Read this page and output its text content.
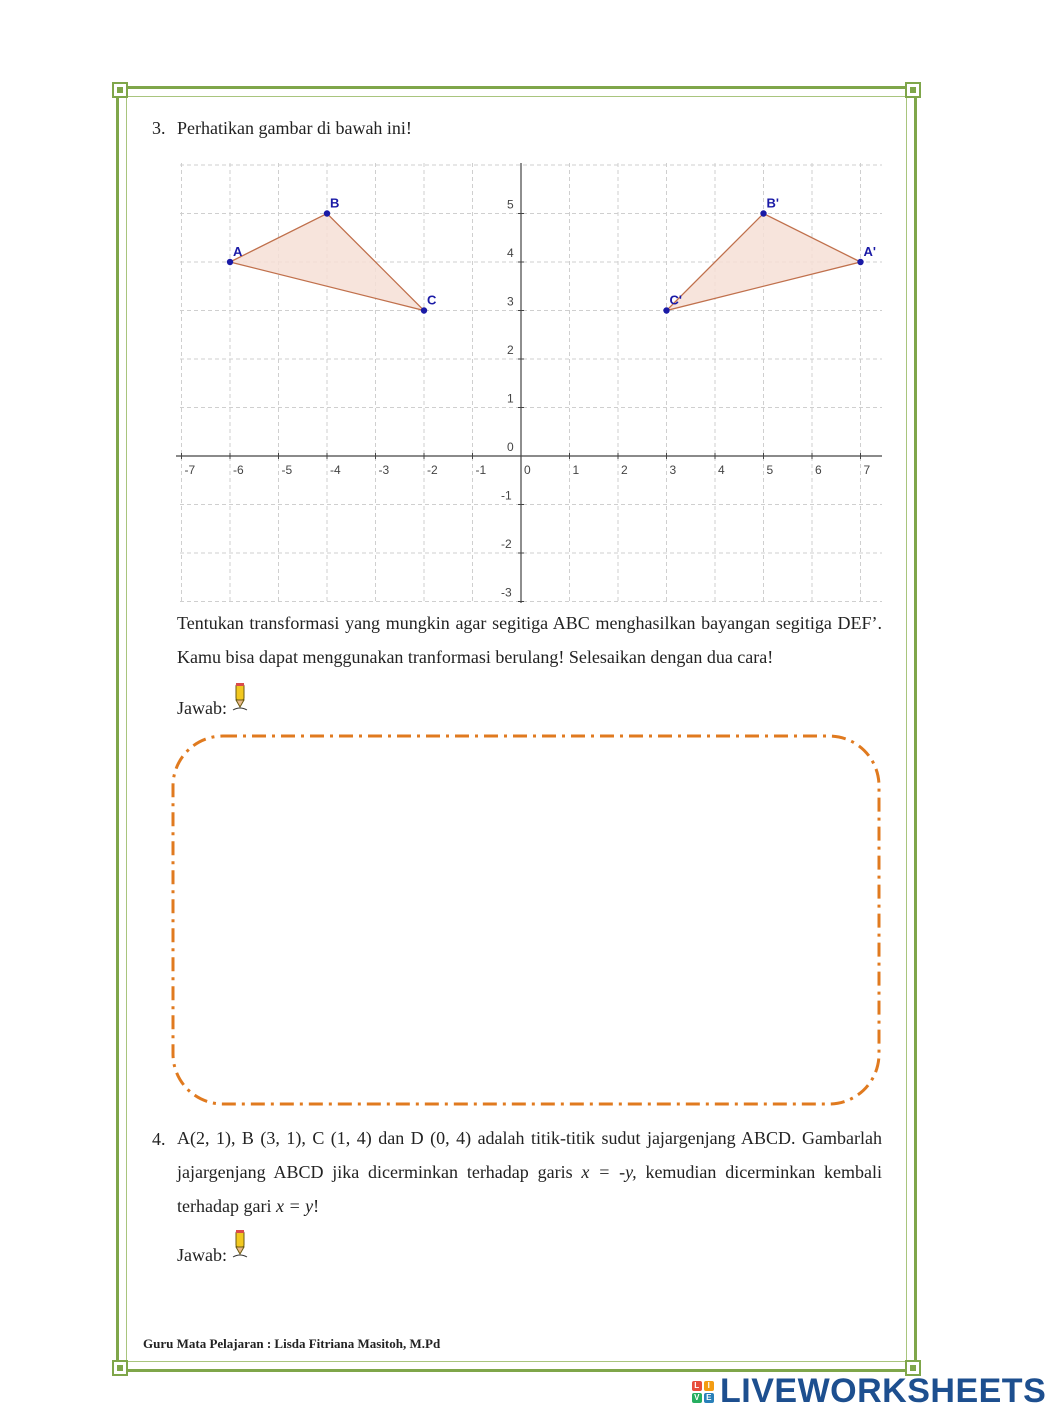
3. Perhatikan gambar di bawah ini!
-7	-6	-5	-4	-3	-2	-1	0	1	2	3	4	5	6	7
-3
-2
-1
0
1
2
3
4
5
A
B
C
A'
B'
C'
Tentukan transformasi yang mungkin agar segitiga ABC menghasilkan bayangan segitiga DEF’. Kamu bisa dapat menggunakan tranformasi berulang! Selesaikan dengan dua cara!
Jawab:
4. A(2, 1), B (3, 1), C (1, 4) dan D (0, 4) adalah titik-titik sudut jajargenjang ABCD. Gambarlah jajargenjang ABCD jika dicerminkan terhadap garis x = -y, kemudian dicerminkan kembali terhadap gari x = y!
Jawab:
Guru Mata Pelajaran : Lisda Fitriana Masitoh, M.Pd
L I
V E LIVEWORKSHEETS
